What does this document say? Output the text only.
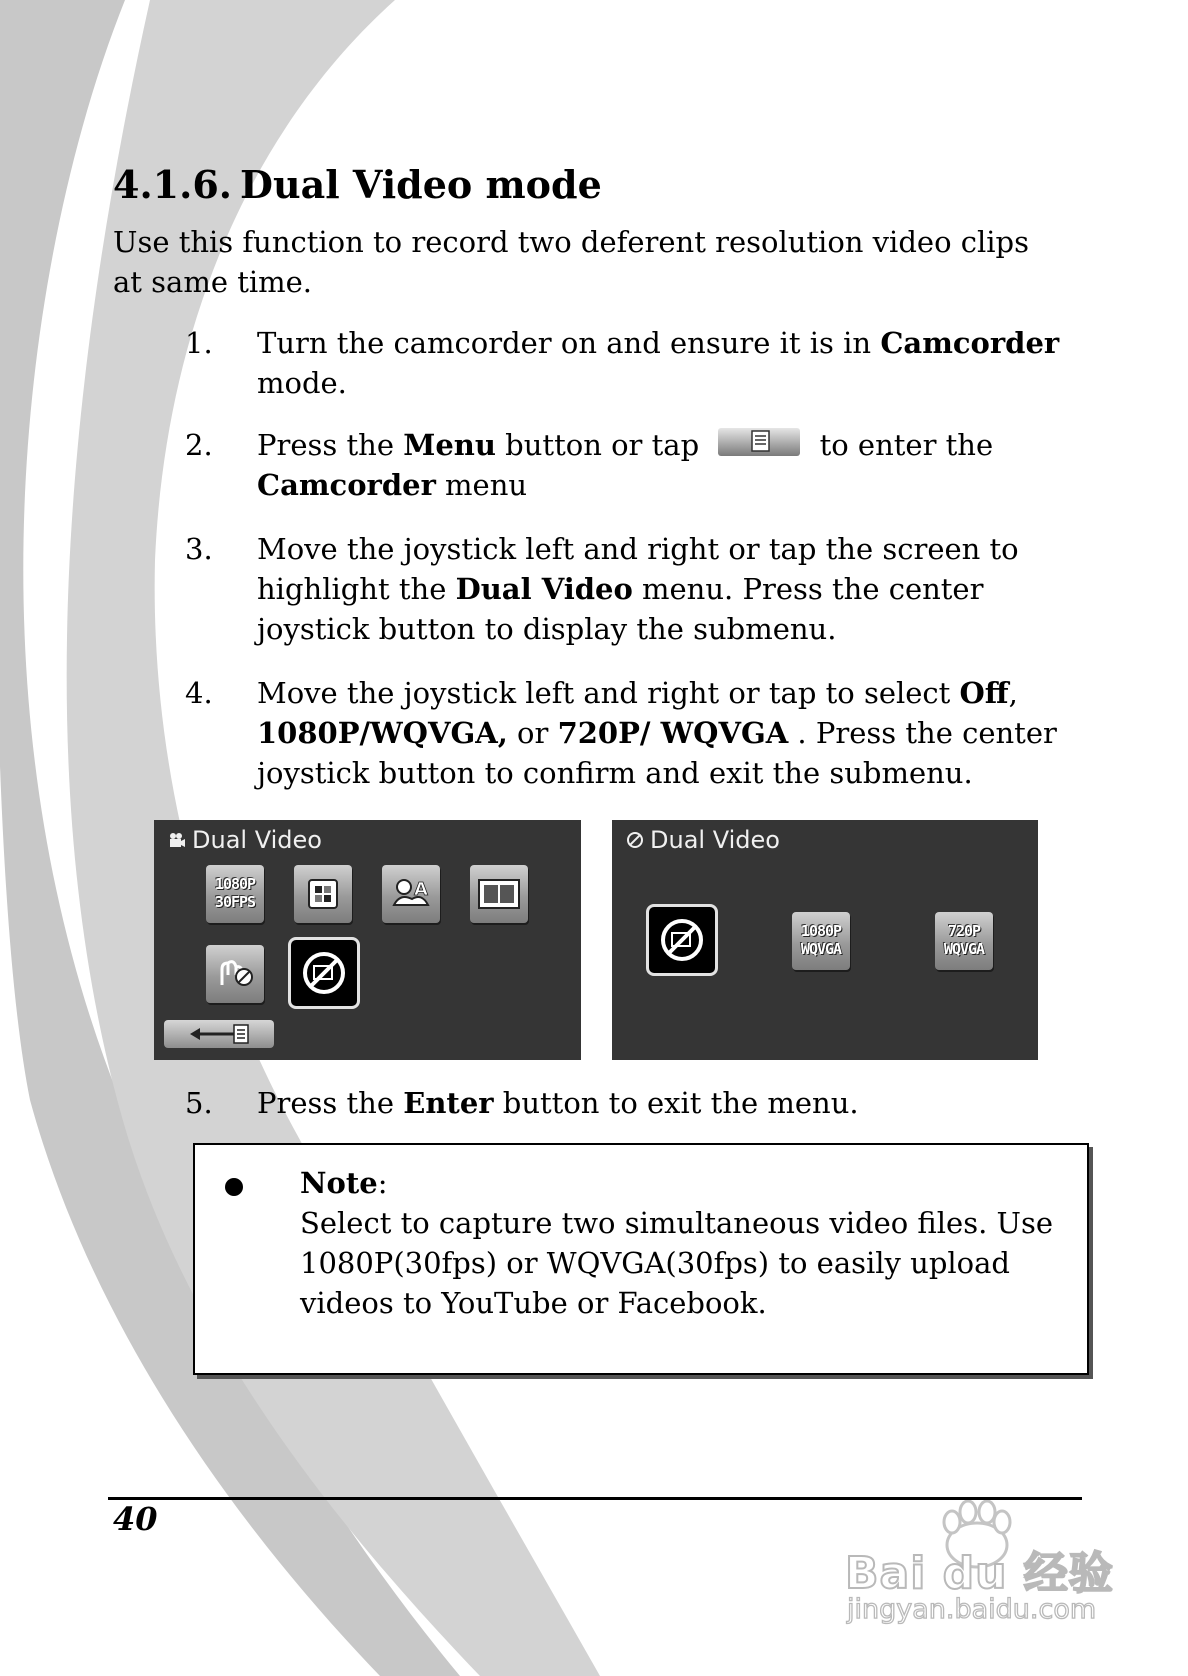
4.1.6. Dual Video mode

Use this function to record two deferent resolution video clips at same time.

1. Turn the camcorder on and ensure it is in Camcorder mode.
2. Press the Menu button or tap	to enter the Camcorder menu
3. Move the joystick left and right or tap the screen to highlight the Dual Video menu. Press the center joystick button to display the submenu.
4. Move the joystick left and right or tap to select Off, 1080P/WQVGA, or 720P/ WQVGA . Press the center joystick button to confirm and exit the submenu.
Dual Video
1080P
30FPS
A
Dual Video
1080P
WQVGA
720P
WQVGA
5. Press the Enter button to exit the menu.
Note:
Select to capture two simultaneous video files. Use 1080P(30fps) or WQVGA(30fps) to easily upload videos to YouTube or Facebook.
40
Bai du 经验
jingyan.baidu.com
